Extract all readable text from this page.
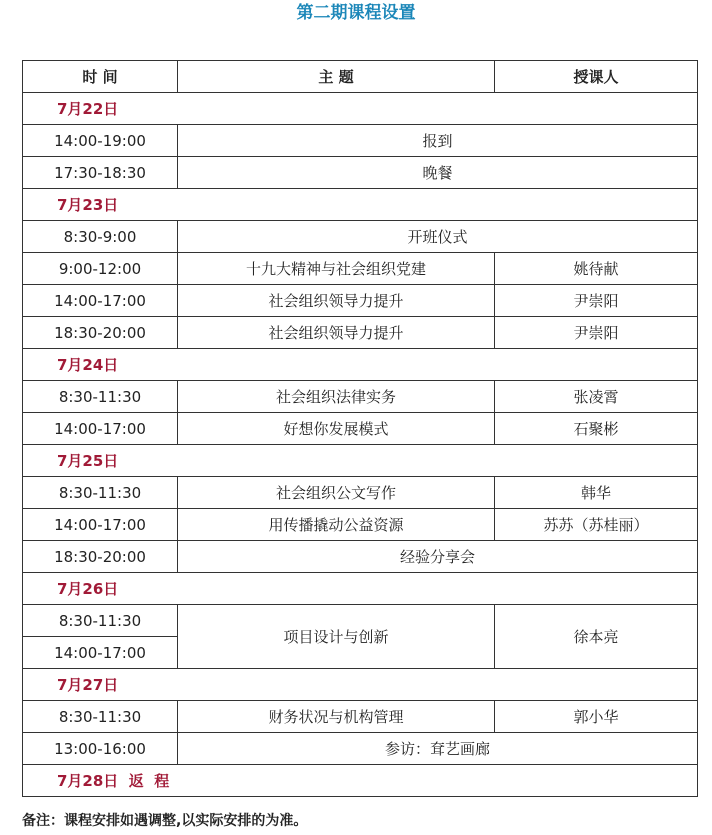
第二期课程设置
时 间	主 题	授课人
7月22日		
14:00-19:00	报到	
17:30-18:30	晚餐	
7月23日		
8:30-9:00	开班仪式	
9:00-12:00	十九大精神与社会组织党建	姚待献
14:00-17:00	社会组织领导力提升	尹崇阳
18:30-20:00	社会组织领导力提升	尹崇阳
7月24日		
8:30-11:30	社会组织法律实务	张凌霄
14:00-17:00	好想你发展模式	石聚彬
7月25日		
8:30-11:30	社会组织公文写作	韩华
14:00-17:00	用传播撬动公益资源	苏苏（苏桂丽）
18:30-20:00	经验分享会	
7月26日		
8:30-11:30	项目设计与创新	徐本亮
14:00-17:00		
7月27日		
8:30-11:30	财务状况与机构管理	郭小华
13:00-16:00	参访：耷艺画廊	
7月28日  返  程		
备注：课程安排如遇调整,以实际安排的为准。
